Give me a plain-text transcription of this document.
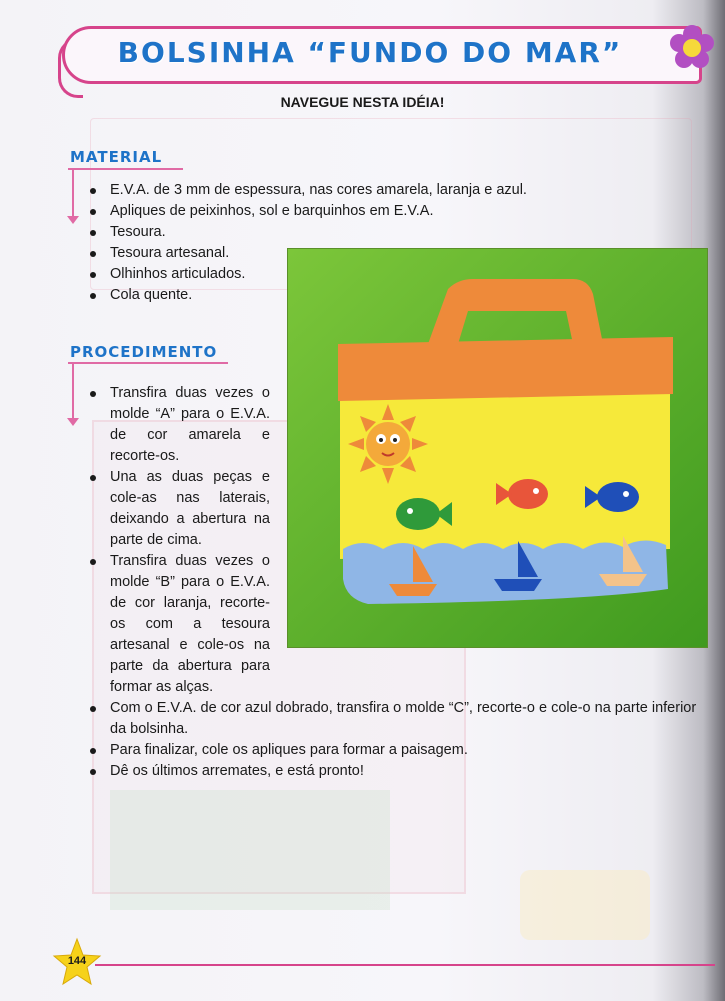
BOLSINHA “FUNDO DO MAR”
NAVEGUE NESTA IDÉIA!
MATERIAL
E.V.A. de 3 mm de espessura, nas cores amarela, laranja e azul.
Apliques de peixinhos, sol e barquinhos em E.V.A.
Tesoura.
Tesoura artesanal.
Olhinhos articulados.
Cola quente.
PROCEDIMENTO
Transfira duas vezes o molde “A” para o E.V.A. de cor amarela e recorte-os.
Una as duas peças e cole-as nas laterais, deixando a abertura na parte de cima.
Transfira duas vezes o molde “B” para o E.V.A. de cor laranja, recorte-os com a tesoura artesanal e cole-os na parte da abertura para formar as alças.
Com o E.V.A. de cor azul dobrado, transfira o molde “C”, recorte-o e cole-o na parte inferior da bolsinha.
Para finalizar, cole os apliques para formar a paisagem.
Dê os últimos arremates, e está pronto!
144
